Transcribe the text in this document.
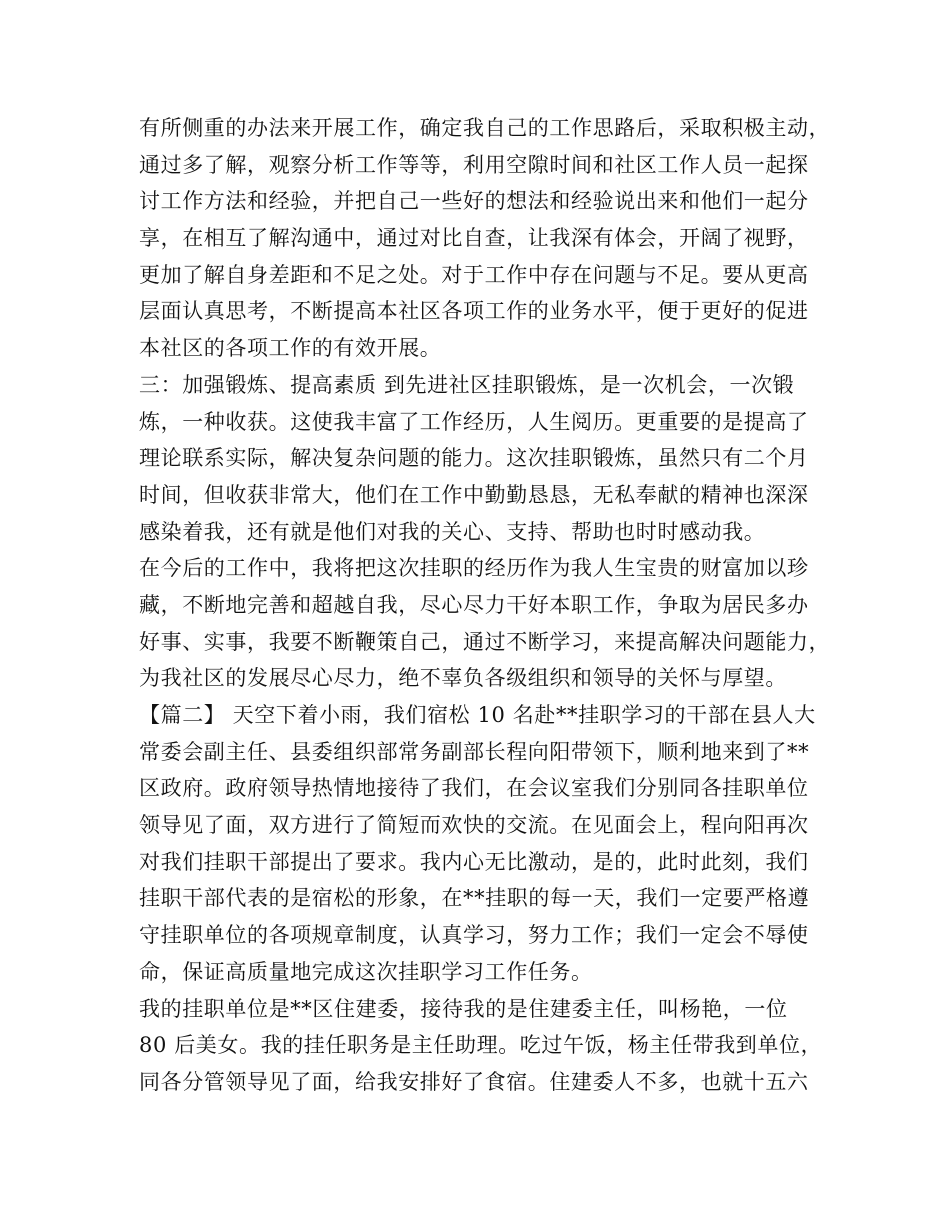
有所侧重的办法来开展工作，确定我自己的工作思路后，采取积极主动，
通过多了解，观察分析工作等等，利用空隙时间和社区工作人员一起探
讨工作方法和经验，并把自己一些好的想法和经验说出来和他们一起分
享，在相互了解沟通中，通过对比自查，让我深有体会，开阔了视野，
更加了解自身差距和不足之处。对于工作中存在问题与不足。要从更高
层面认真思考，不断提高本社区各项工作的业务水平，便于更好的促进
本社区的各项工作的有效开展。
三：加强锻炼、提高素质 到先进社区挂职锻炼，是一次机会，一次锻
炼，一种收获。这使我丰富了工作经历，人生阅历。更重要的是提高了
理论联系实际，解决复杂问题的能力。这次挂职锻炼，虽然只有二个月
时间，但收获非常大，他们在工作中勤勤恳恳，无私奉献的精神也深深
感染着我，还有就是他们对我的关心、支持、帮助也时时感动我。
在今后的工作中，我将把这次挂职的经历作为我人生宝贵的财富加以珍
藏，不断地完善和超越自我，尽心尽力干好本职工作，争取为居民多办
好事、实事，我要不断鞭策自己，通过不断学习，来提高解决问题能力，
为我社区的发展尽心尽力，绝不辜负各级组织和领导的关怀与厚望。
【篇二】 天空下着小雨，我们宿松 10 名赴**挂职学习的干部在县人大
常委会副主任、县委组织部常务副部长程向阳带领下，顺利地来到了**
区政府。政府领导热情地接待了我们，在会议室我们分别同各挂职单位
领导见了面，双方进行了简短而欢快的交流。在见面会上，程向阳再次
对我们挂职干部提出了要求。我内心无比激动，是的，此时此刻，我们
挂职干部代表的是宿松的形象，在**挂职的每一天，我们一定要严格遵
守挂职单位的各项规章制度，认真学习，努力工作；我们一定会不辱使
命，保证高质量地完成这次挂职学习工作任务。
我的挂职单位是**区住建委，接待我的是住建委主任，叫杨艳，一位
80 后美女。我的挂任职务是主任助理。吃过午饭，杨主任带我到单位，
同各分管领导见了面，给我安排好了食宿。住建委人不多，也就十五六
